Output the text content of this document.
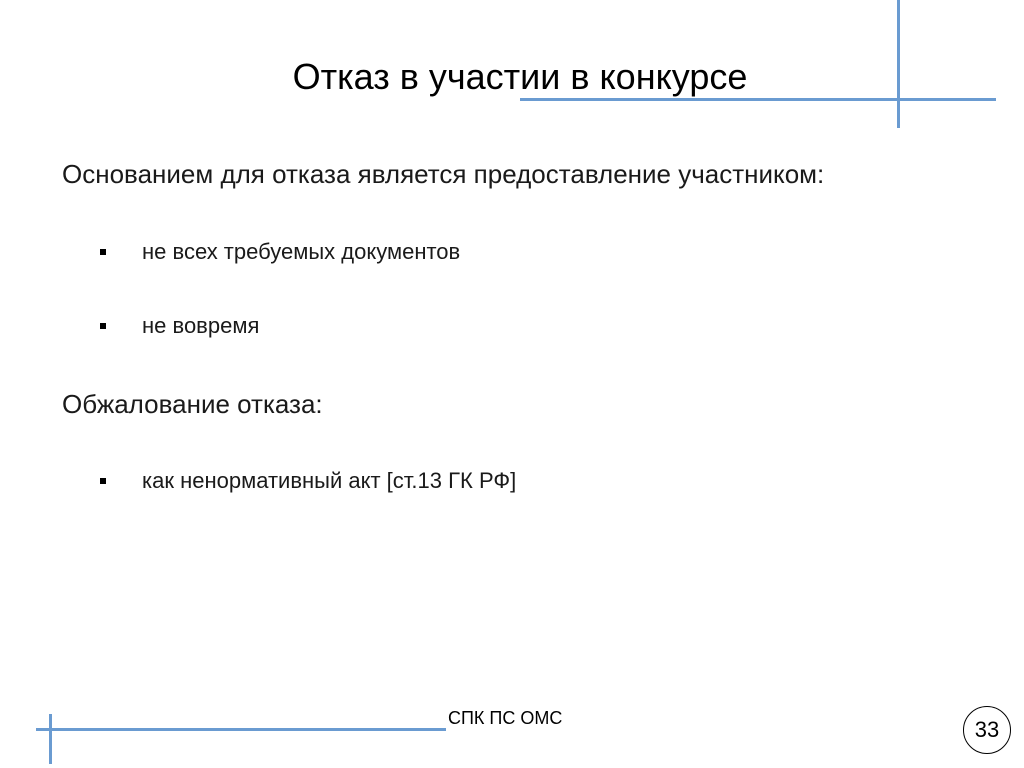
Отказ в участии в конкурсе
Основанием для отказа является предоставление участником:
не всех требуемых документов
не вовремя
Обжалование отказа:
как ненормативный акт [ст.13 ГК РФ]
СПК ПС ОМС	33
